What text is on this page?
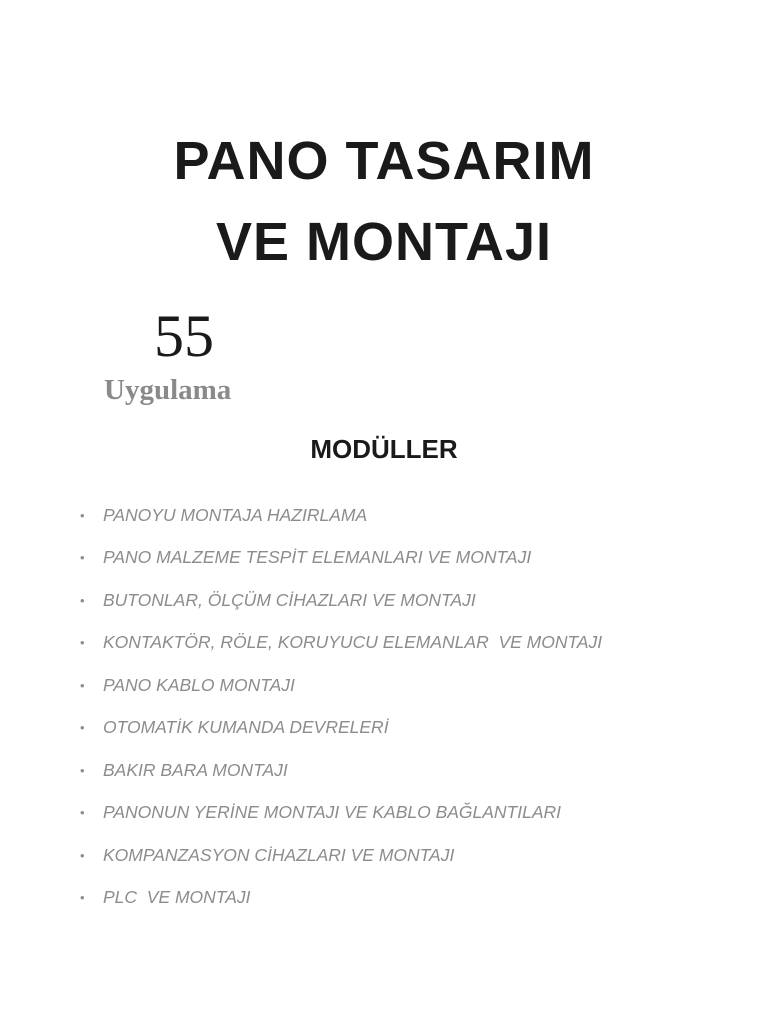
PANO TASARIM
VE MONTAJI
55
Uygulama
MODÜLLER
•	PANOYU MONTAJA HAZIRLAMA
•	PANO MALZEME TESPİT ELEMANLARI VE MONTAJI
•	BUTONLAR, ÖLÇÜM CİHAZLARI VE MONTAJI
•	KONTAKTÖR, RÖLE, KORUYUCU ELEMANLAR  VE MONTAJI
•	PANO KABLO MONTAJI
•	OTOMATİK KUMANDA DEVRELERİ
•	BAKIR BARA MONTAJI
•	PANONUN YERİNE MONTAJI VE KABLO BAĞLANTILARI
•	KOMPANZASYON CİHAZLARI VE MONTAJI
•	PLC  VE MONTAJI
